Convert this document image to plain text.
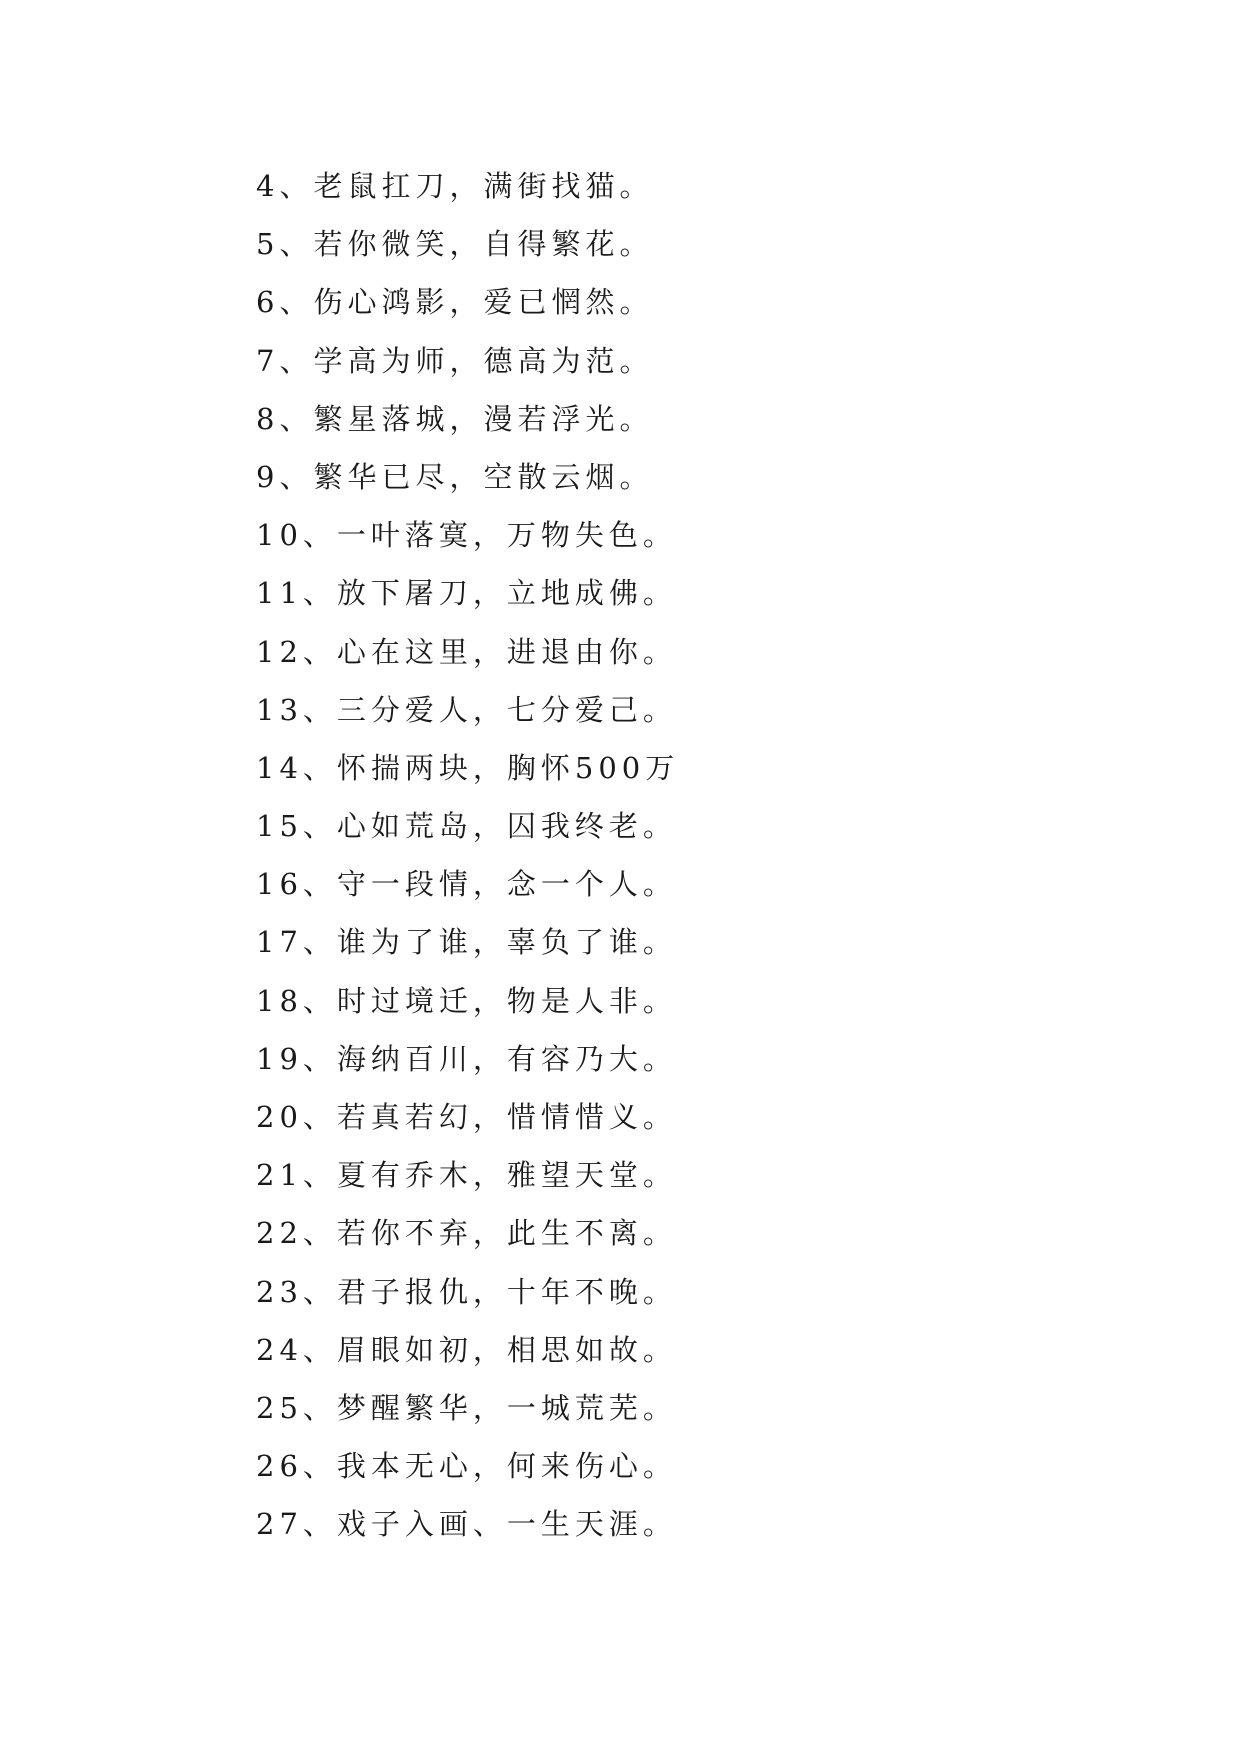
4、老鼠扛刀，满街找猫。
5、若你微笑，自得繁花。
6、伤心鸿影，爱已惘然。
7、学高为师，德高为范。
8、繁星落城，漫若浮光。
9、繁华已尽，空散云烟。
10、一叶落寞，万物失色。
11、放下屠刀，立地成佛。
12、心在这里，进退由你。
13、三分爱人，七分爱己。
14、怀揣两块，胸怀500万
15、心如荒岛，囚我终老。
16、守一段情，念一个人。
17、谁为了谁，辜负了谁。
18、时过境迁，物是人非。
19、海纳百川，有容乃大。
20、若真若幻，惜情惜义。
21、夏有乔木，雅望天堂。
22、若你不弃，此生不离。
23、君子报仇，十年不晚。
24、眉眼如初，相思如故。
25、梦醒繁华，一城荒芜。
26、我本无心，何来伤心。
27、戏子入画、一生天涯。
